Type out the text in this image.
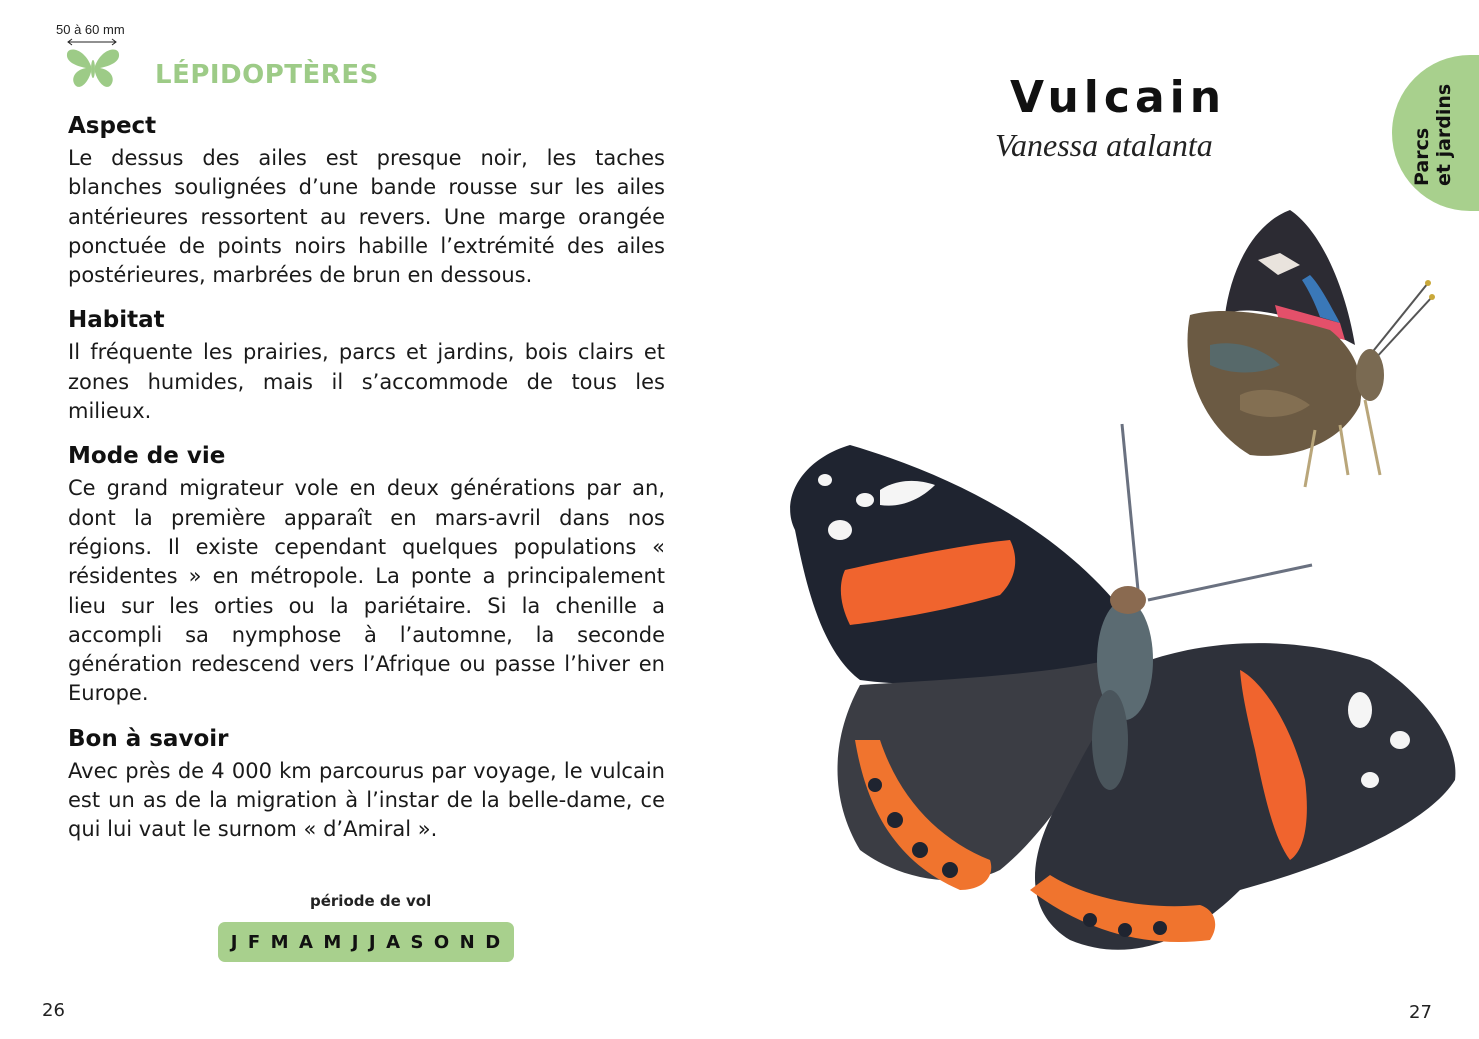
50 à 60 mm
LÉPIDOPTÈRES
Aspect

Le dessus des ailes est presque noir, les taches blanches soulignées d’une bande rousse sur les ailes antérieures ressortent au revers. Une marge orangée ponctuée de points noirs habille l’extrémité des ailes postérieures, marbrées de brun en dessous.

Habitat

Il fréquente les prairies, parcs et jardins, bois clairs et zones humides, mais il s’accommode de tous les milieux.

Mode de vie

Ce grand migrateur vole en deux générations par an, dont la première apparaît en mars-avril dans nos régions. Il existe cependant quelques populations « résidentes » en métropole. La ponte a principalement lieu sur les orties ou la pariétaire. Si la chenille a accompli sa nymphose à l’automne, la seconde génération redescend vers l’Afrique ou passe l’hiver en Europe.

Bon à savoir

Avec près de 4 000 km parcourus par voyage, le vulcain est un as de la migration à l’instar de la belle-dame, ce qui lui vaut le surnom « d’Amiral ».

période de vol
J F M A M J J A S O N D
26
Vulcain
Vanessa atalanta	Parcs et jardins
27
